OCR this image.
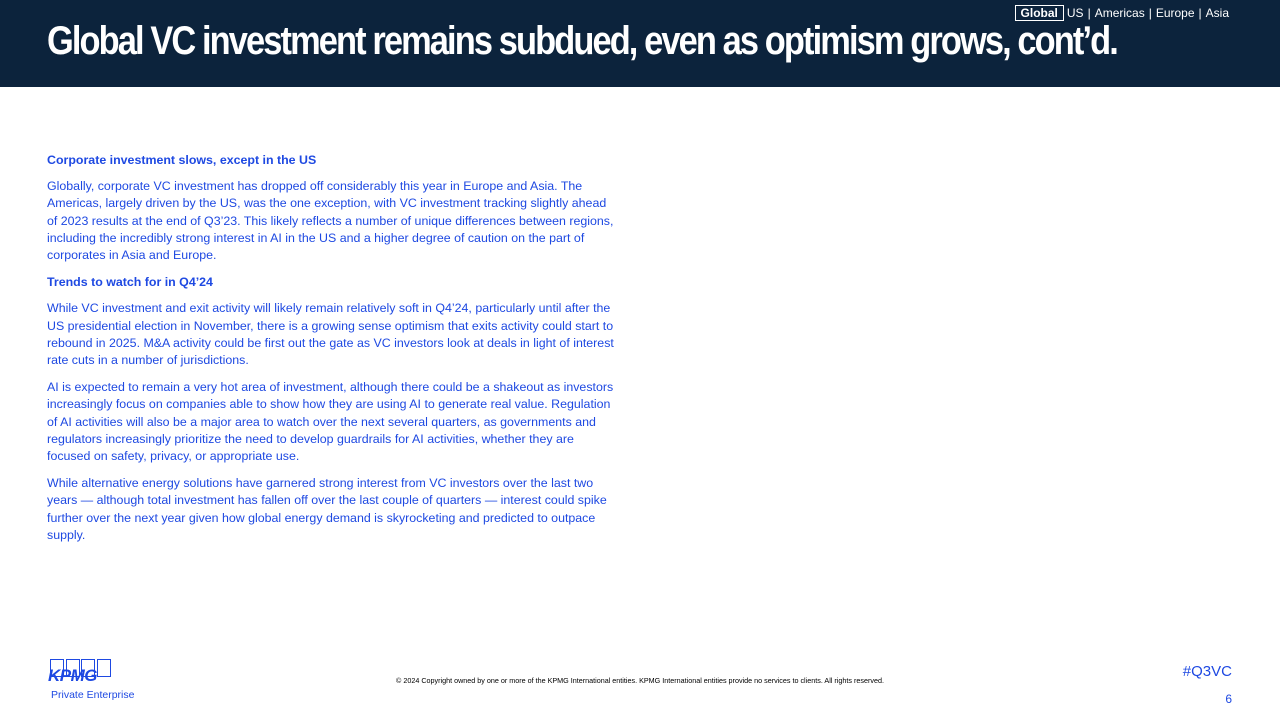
Global VC investment remains subdued, even as optimism grows, cont’d.
Global US | Americas | Europe | Asia
Corporate investment slows, except in the US

Globally, corporate VC investment has dropped off considerably this year in Europe and Asia. The Americas, largely driven by the US, was the one exception, with VC investment tracking slightly ahead of 2023 results at the end of Q3’23. This likely reflects a number of unique differences between regions, including the incredibly strong interest in AI in the US and a higher degree of caution on the part of corporates in Asia and Europe.

Trends to watch for in Q4’24

While VC investment and exit activity will likely remain relatively soft in Q4’24, particularly until after the US presidential election in November, there is a growing sense optimism that exits activity could start to rebound in 2025. M&A activity could be first out the gate as VC investors look at deals in light of interest rate cuts in a number of jurisdictions.

AI is expected to remain a very hot area of investment, although there could be a shakeout as investors increasingly focus on companies able to show how they are using AI to generate real value. Regulation of AI activities will also be a major area to watch over the next several quarters, as governments and regulators increasingly prioritize the need to develop guardrails for AI activities, whether they are focused on safety, privacy, or appropriate use.

While alternative energy solutions have garnered strong interest from VC investors over the last two years — although total investment has fallen off over the last couple of quarters — interest could spike further over the next year given how global energy demand is skyrocketing and predicted to outpace supply.

KPMG
Private Enterprise
© 2024 Copyright owned by one or more of the KPMG International entities. KPMG International entities provide no services to clients. All rights reserved.
#Q3VC
6
